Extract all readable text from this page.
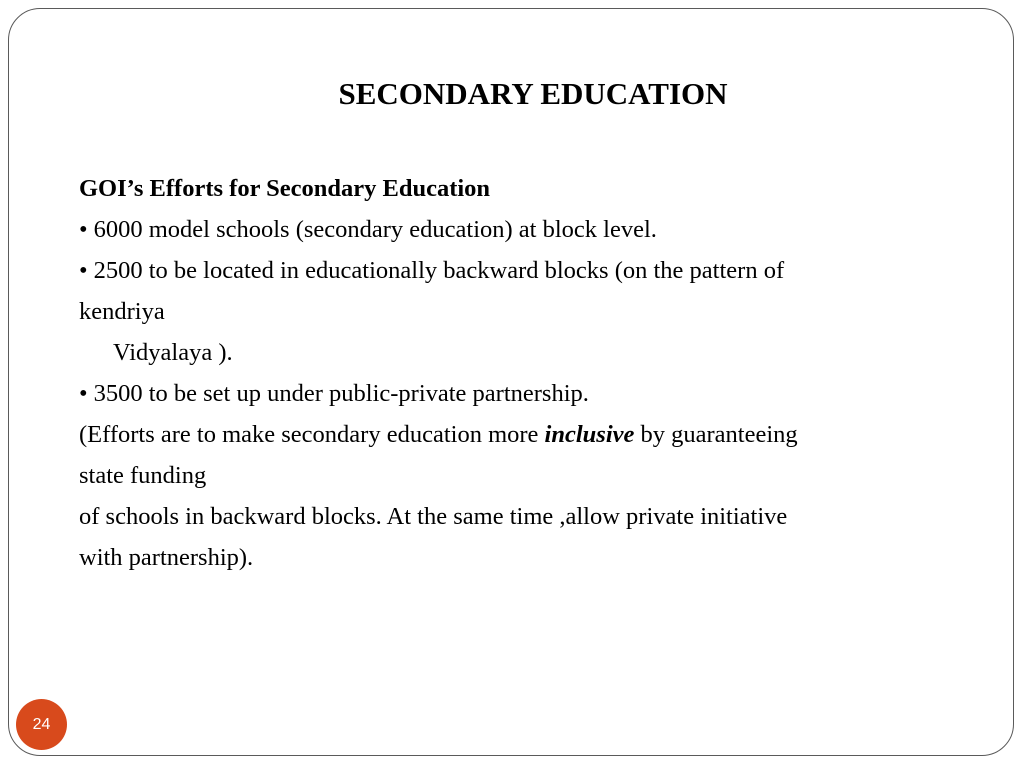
SECONDARY EDUCATION

GOI’s Efforts for Secondary Education

• 6000 model schools (secondary education) at block level.

• 2500 to be located in educationally backward blocks (on the pattern of

kendriya

Vidyalaya ).

• 3500 to be set up under public-private partnership.

(Efforts are to make secondary education more inclusive by guaranteeing

state funding

of schools in backward blocks. At the same time ,allow private initiative

with partnership).

24
